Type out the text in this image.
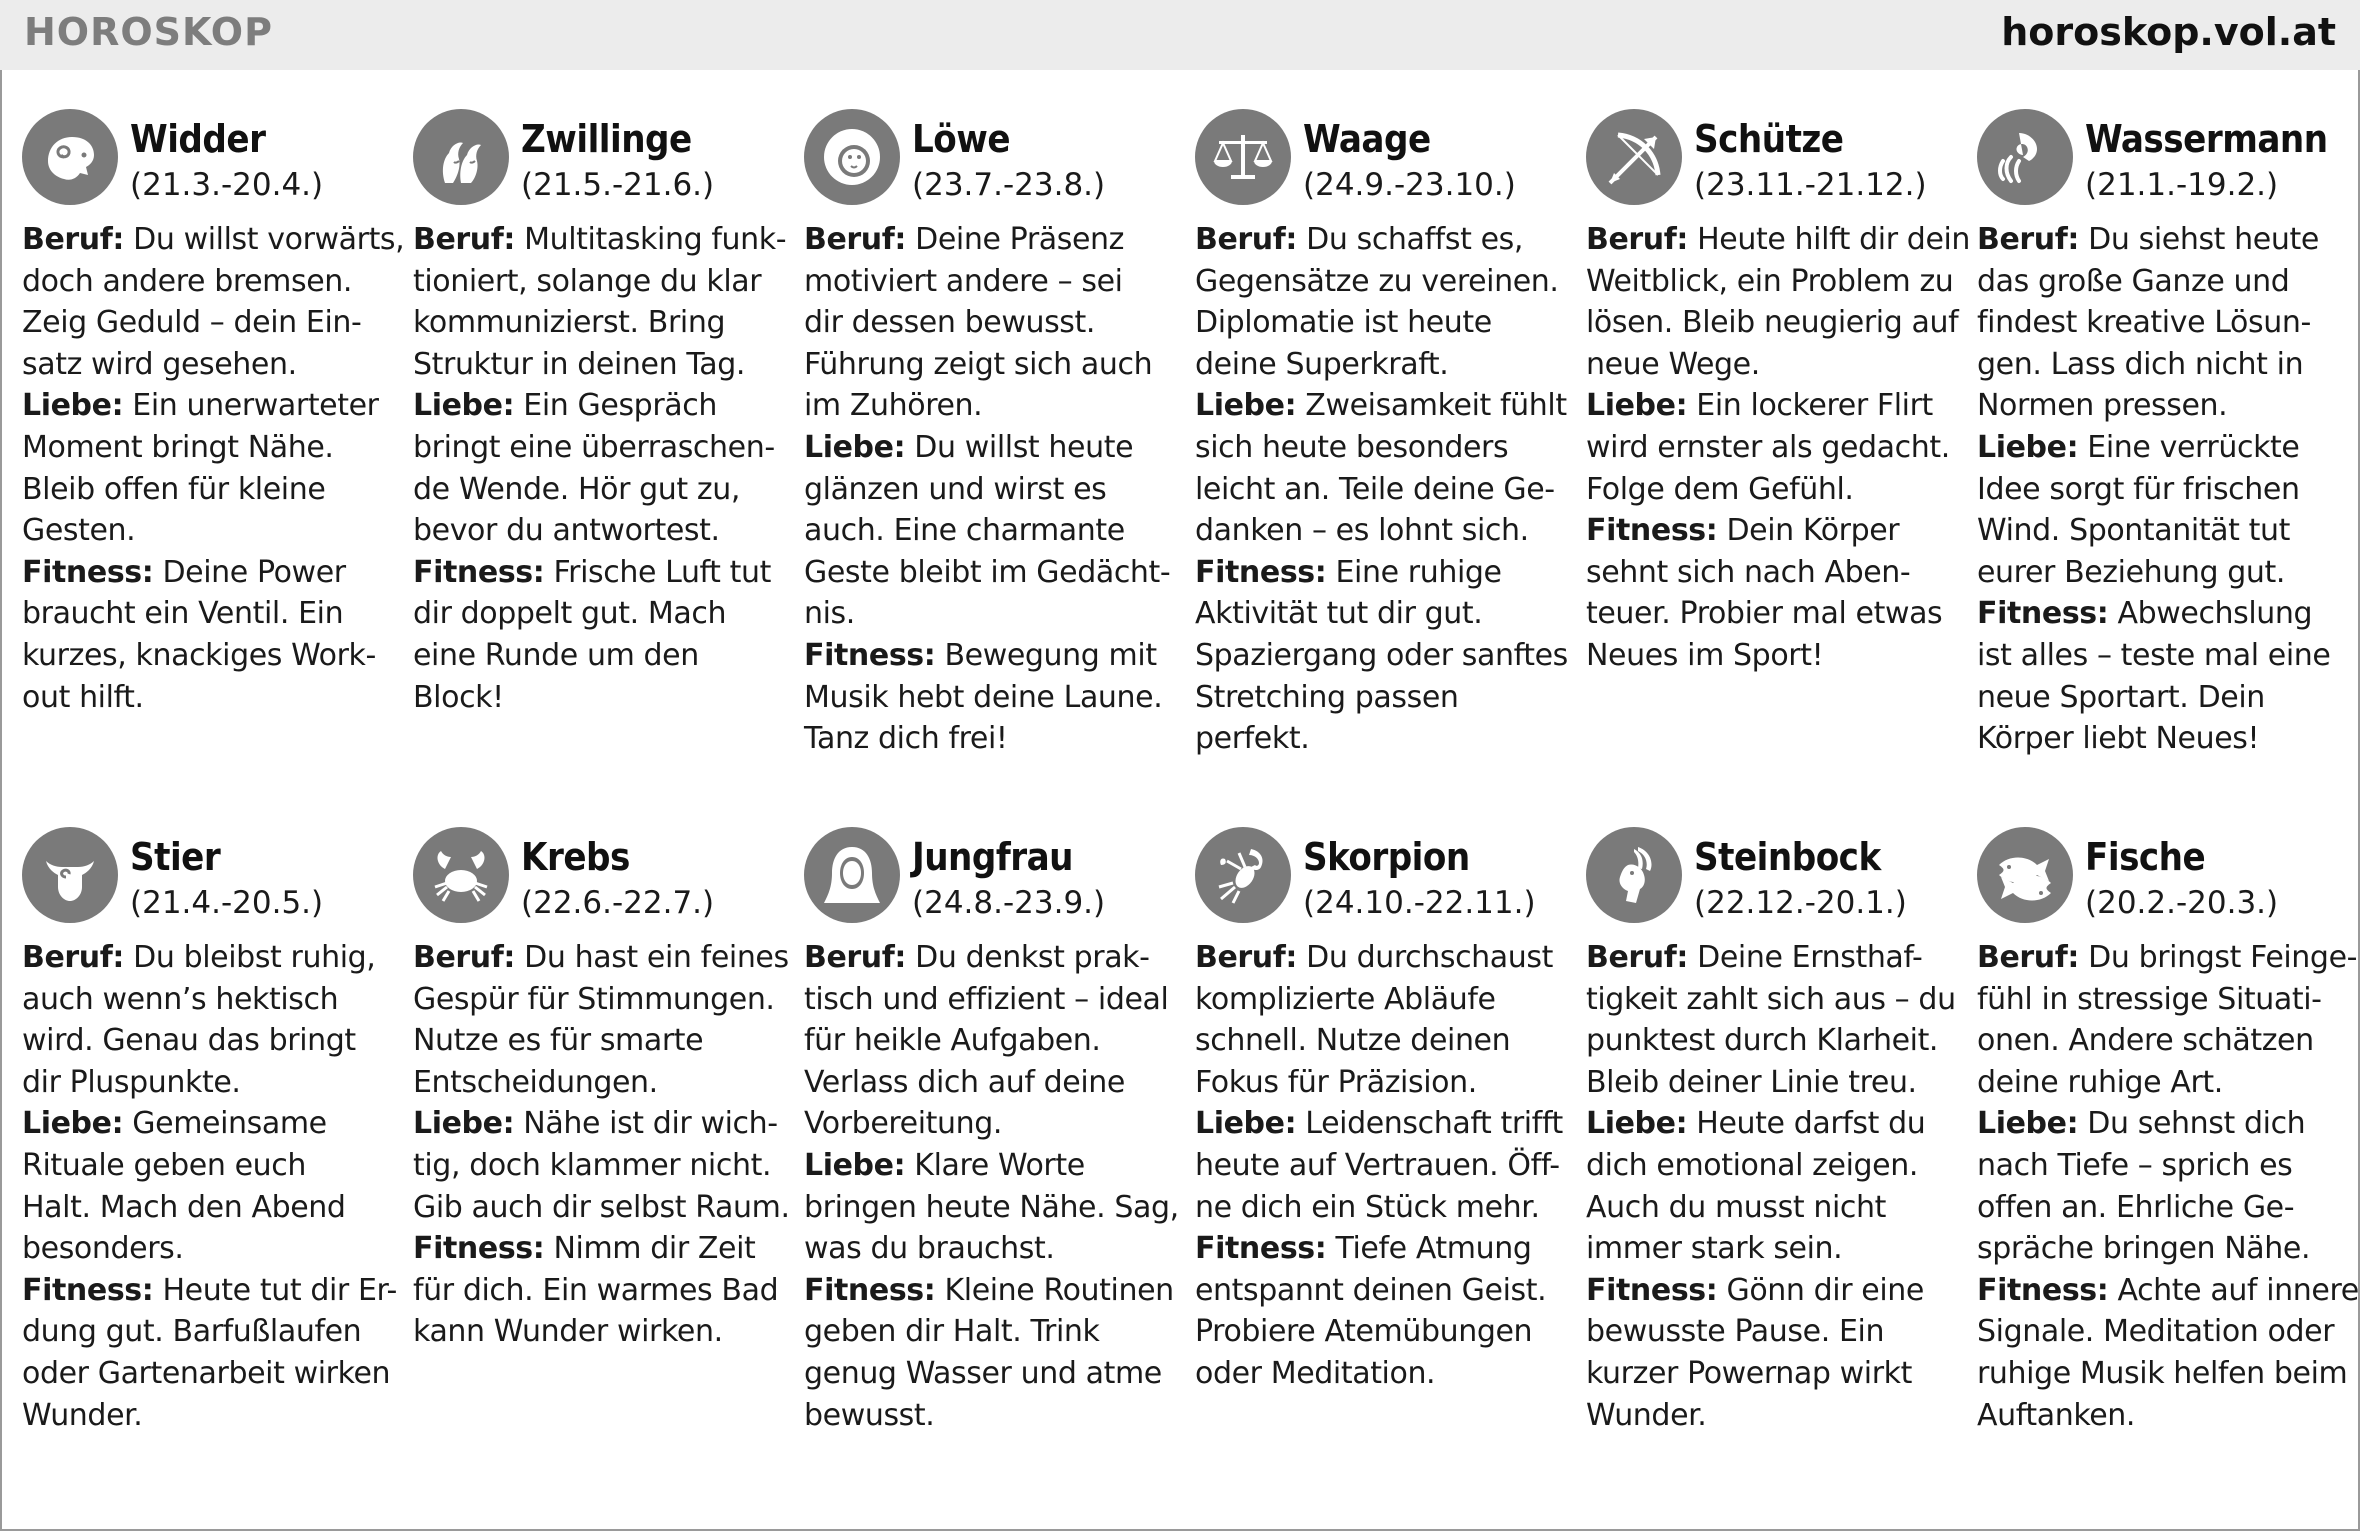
HOROSKOP	horoskop.vol.at
Widder
(21.3.-20.4.)
Beruf: Du willst vorwärts,
doch andere bremsen.
Zeig Geduld – dein Ein-
satz wird gesehen.
Liebe: Ein unerwarteter
Moment bringt Nähe.
Bleib offen für kleine
Gesten.
Fitness: Deine Power
braucht ein Ventil. Ein
kurzes, knackiges Work-
out hilft.
Zwillinge
(21.5.-21.6.)
Beruf: Multitasking funk-
tioniert, solange du klar
kommunizierst. Bring
Struktur in deinen Tag.
Liebe: Ein Gespräch
bringt eine überraschen-
de Wende. Hör gut zu,
bevor du antwortest.
Fitness: Frische Luft tut
dir doppelt gut. Mach
eine Runde um den
Block!
Löwe
(23.7.-23.8.)
Beruf: Deine Präsenz
motiviert andere – sei
dir dessen bewusst.
Führung zeigt sich auch
im Zuhören.
Liebe: Du willst heute
glänzen und wirst es
auch. Eine charmante
Geste bleibt im Gedächt-
nis.
Fitness: Bewegung mit
Musik hebt deine Laune.
Tanz dich frei!
Waage
(24.9.-23.10.)
Beruf: Du schaffst es,
Gegensätze zu vereinen.
Diplomatie ist heute
deine Superkraft.
Liebe: Zweisamkeit fühlt
sich heute besonders
leicht an. Teile deine Ge-
danken – es lohnt sich.
Fitness: Eine ruhige
Aktivität tut dir gut.
Spaziergang oder sanftes
Stretching passen
perfekt.
Schütze
(23.11.-21.12.)
Beruf: Heute hilft dir dein
Weitblick, ein Problem zu
lösen. Bleib neugierig auf
neue Wege.
Liebe: Ein lockerer Flirt
wird ernster als gedacht.
Folge dem Gefühl.
Fitness: Dein Körper
sehnt sich nach Aben-
teuer. Probier mal etwas
Neues im Sport!
Wassermann
(21.1.-19.2.)
Beruf: Du siehst heute
das große Ganze und
findest kreative Lösun-
gen. Lass dich nicht in
Normen pressen.
Liebe: Eine verrückte
Idee sorgt für frischen
Wind. Spontanität tut
eurer Beziehung gut.
Fitness: Abwechslung
ist alles – teste mal eine
neue Sportart. Dein
Körper liebt Neues!
Stier
(21.4.-20.5.)
Beruf: Du bleibst ruhig,
auch wenn’s hektisch
wird. Genau das bringt
dir Pluspunkte.
Liebe: Gemeinsame
Rituale geben euch
Halt. Mach den Abend
besonders.
Fitness: Heute tut dir Er-
dung gut. Barfußlaufen
oder Gartenarbeit wirken
Wunder.
Krebs
(22.6.-22.7.)
Beruf: Du hast ein feines
Gespür für Stimmungen.
Nutze es für smarte
Entscheidungen.
Liebe: Nähe ist dir wich-
tig, doch klammer nicht.
Gib auch dir selbst Raum.
Fitness: Nimm dir Zeit
für dich. Ein warmes Bad
kann Wunder wirken.
Jungfrau
(24.8.-23.9.)
Beruf: Du denkst prak-
tisch und effizient – ideal
für heikle Aufgaben.
Verlass dich auf deine
Vorbereitung.
Liebe: Klare Worte
bringen heute Nähe. Sag,
was du brauchst.
Fitness: Kleine Routinen
geben dir Halt. Trink
genug Wasser und atme
bewusst.
Skorpion
(24.10.-22.11.)
Beruf: Du durchschaust
komplizierte Abläufe
schnell. Nutze deinen
Fokus für Präzision.
Liebe: Leidenschaft trifft
heute auf Vertrauen. Öff-
ne dich ein Stück mehr.
Fitness: Tiefe Atmung
entspannt deinen Geist.
Probiere Atemübungen
oder Meditation.
Steinbock
(22.12.-20.1.)
Beruf: Deine Ernsthaf-
tigkeit zahlt sich aus – du
punktest durch Klarheit.
Bleib deiner Linie treu.
Liebe: Heute darfst du
dich emotional zeigen.
Auch du musst nicht
immer stark sein.
Fitness: Gönn dir eine
bewusste Pause. Ein
kurzer Powernap wirkt
Wunder.
Fische
(20.2.-20.3.)
Beruf: Du bringst Feinge-
fühl in stressige Situati-
onen. Andere schätzen
deine ruhige Art.
Liebe: Du sehnst dich
nach Tiefe – sprich es
offen an. Ehrliche Ge-
spräche bringen Nähe.
Fitness: Achte auf innere
Signale. Meditation oder
ruhige Musik helfen beim
Auftanken.
